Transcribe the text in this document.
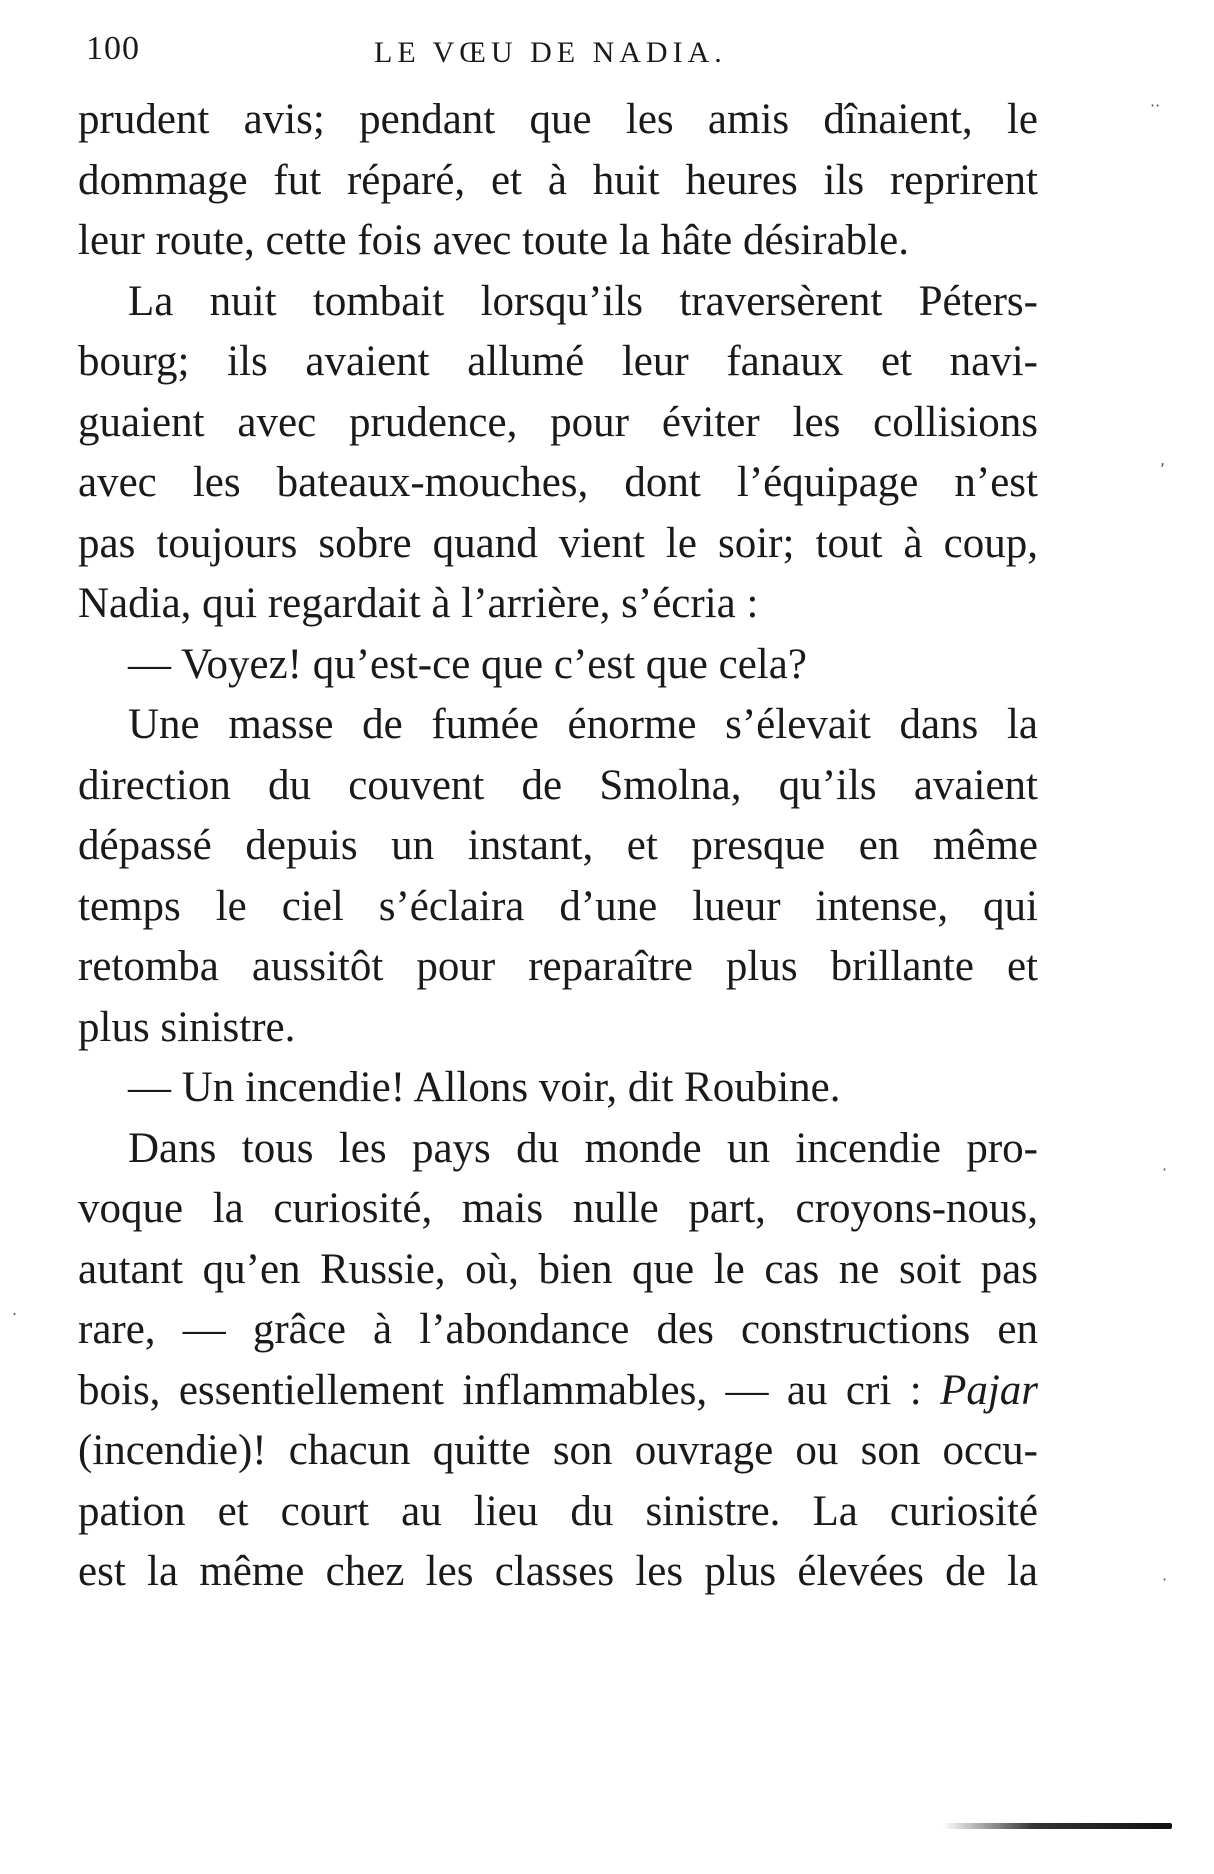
100	LE VŒU DE NADIA.
prudent avis; pendant que les amis dînaient, le
dommage fut réparé, et à huit heures ils reprirent
leur route, cette fois avec toute la hâte désirable.
La nuit tombait lorsqu’ils traversèrent Péters-
bourg; ils avaient allumé leur fanaux et navi-
guaient avec prudence, pour éviter les collisions
avec les bateaux-mouches, dont l’équipage n’est
pas toujours sobre quand vient le soir; tout à coup,
Nadia, qui regardait à l’arrière, s’écria :
— Voyez! qu’est-ce que c’est que cela?
Une masse de fumée énorme s’élevait dans la
direction du couvent de Smolna, qu’ils avaient
dépassé depuis un instant, et presque en même
temps le ciel s’éclaira d’une lueur intense, qui
retomba aussitôt pour reparaître plus brillante et
plus sinistre.
— Un incendie! Allons voir, dit Roubine.
Dans tous les pays du monde un incendie pro-
voque la curiosité, mais nulle part, croyons-nous,
autant qu’en Russie, où, bien que le cas ne soit pas
rare, — grâce à l’abondance des constructions en
bois, essentiellement inflammables, — au cri : Pajar
(incendie)! chacun quitte son ouvrage ou son occu-
pation et court au lieu du sinistre. La curiosité
est la même chez les classes les plus élevées de la
··
,
·
·
.
